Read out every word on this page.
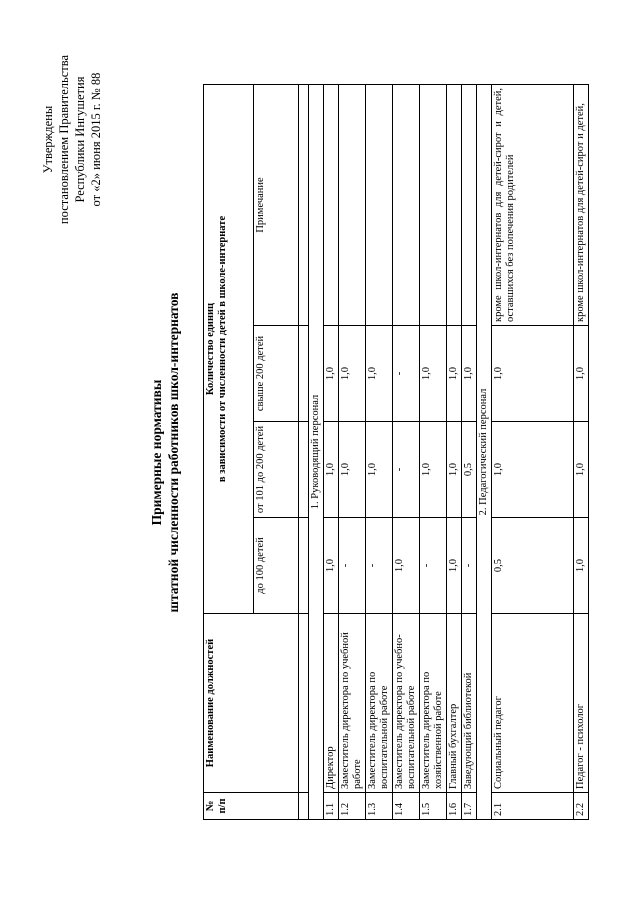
Утверждены постановлением Правительства Республики Ингушетия от «2» июня 2015 г. № 88
Примерные нормативы штатной численности работников школ-интернатов
№ п/п	Наименование должностей	Количество единиц в зависимости от численности детей в школе-интернате			

		до 100 детей	от 101 до 200 детей	свыше 200 детей	Примечание

1. Руководящий персонал					
1.1	Директор	1,0	1,0	1,0	
1.2	Заместитель директора по учебной работе	-	1,0	1,0	
1.3	Заместитель директора по воспитательной работе	-	1,0	1,0	
1.4	Заместитель директора по учебно-воспитательной работе	1,0	-	-	
1.5	Заместитель директора по хозяйственной работе	-	1,0	1,0	
1.6	Главный бухгалтер	1,0	1,0	1,0	
1.7	Заведующий библиотекой	-	0,5	1,0	
2. Педагогический персонал					
2.1	Социальный педагог	0,5	1,0	1,0	кроме школ-интернатов для детей-сирот и детей, оставшихся без попечения родителей
2.2	Педагог - психолог	1,0	1,0	1,0	кроме школ-интернатов для детей-сирот и детей,
